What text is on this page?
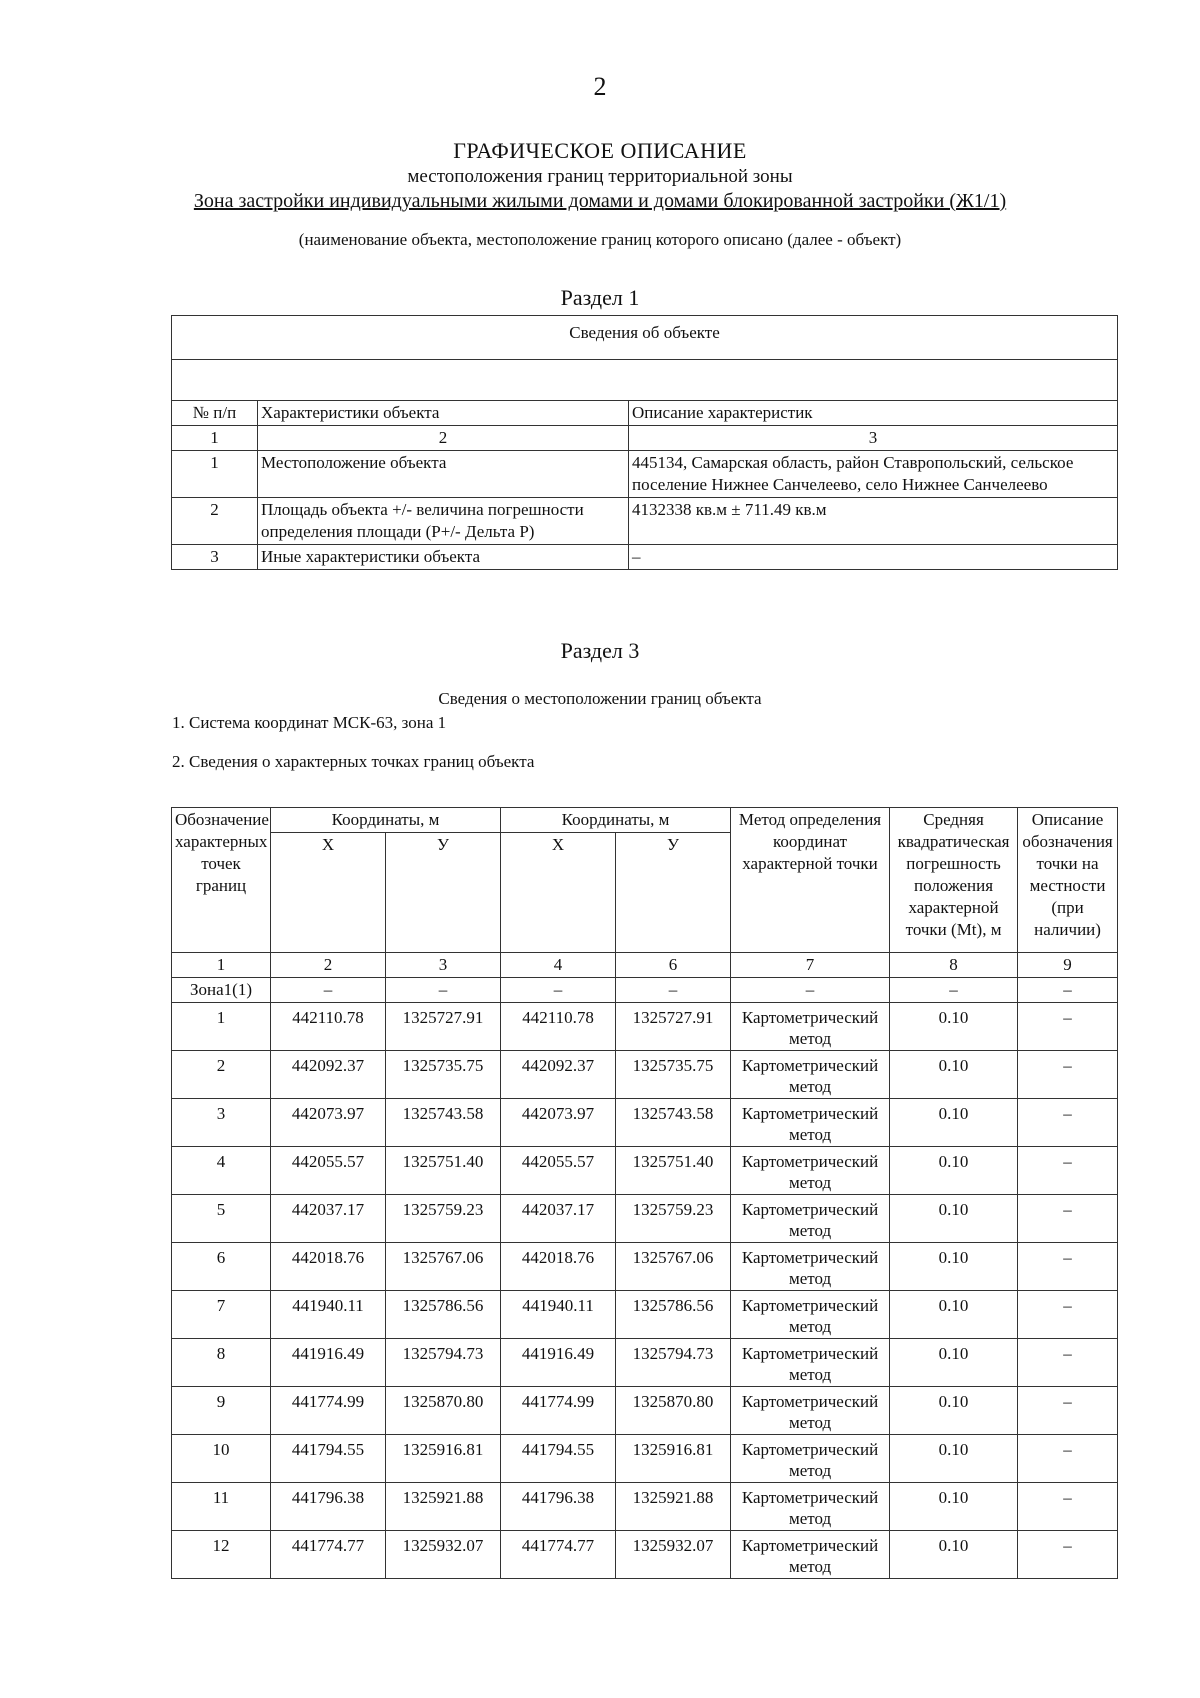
2
ГРАФИЧЕСКОЕ ОПИСАНИЕ
местоположения границ территориальной зоны
Зона застройки индивидуальными жилыми домами и домами блокированной застройки (Ж1/1)
(наименование объекта, местоположение границ которого описано (далее - объект)
Раздел 1
Сведения об объекте		

№ п/п	Характеристики объекта	Описание характеристик
1	2	3
1	Местоположение объекта	445134, Самарская область, район Ставропольский, сельское поселение Нижнее Санчелеево, село Нижнее Санчелеево
2	Площадь объекта +/- величина погрешности определения площади (Р+/- Дельта Р)	4132338 кв.м ± 711.49 кв.м
3	Иные характеристики объекта	–
Раздел 3
Сведения о местоположении границ объекта
1. Система координат МСК-63, зона 1
2. Сведения о характерных точках границ объекта
Обозначение характерных точек границ	Координаты, м		Координаты, м		Метод определения координат характерной точки	Средняя квадратическая погрешность положения характерной точки (Mt), м	Описание обозначения точки на местности (при наличии)
	Х	У	Х	У			
1	2	3	4	6	7	8	9
Зона1(1)	–	–	–	–	–	–	–
1	442110.78	1325727.91	442110.78	1325727.91	Картометрический метод	0.10	–
2	442092.37	1325735.75	442092.37	1325735.75	Картометрический метод	0.10	–
3	442073.97	1325743.58	442073.97	1325743.58	Картометрический метод	0.10	–
4	442055.57	1325751.40	442055.57	1325751.40	Картометрический метод	0.10	–
5	442037.17	1325759.23	442037.17	1325759.23	Картометрический метод	0.10	–
6	442018.76	1325767.06	442018.76	1325767.06	Картометрический метод	0.10	–
7	441940.11	1325786.56	441940.11	1325786.56	Картометрический метод	0.10	–
8	441916.49	1325794.73	441916.49	1325794.73	Картометрический метод	0.10	–
9	441774.99	1325870.80	441774.99	1325870.80	Картометрический метод	0.10	–
10	441794.55	1325916.81	441794.55	1325916.81	Картометрический метод	0.10	–
11	441796.38	1325921.88	441796.38	1325921.88	Картометрический метод	0.10	–
12	441774.77	1325932.07	441774.77	1325932.07	Картометрический метод	0.10	–
